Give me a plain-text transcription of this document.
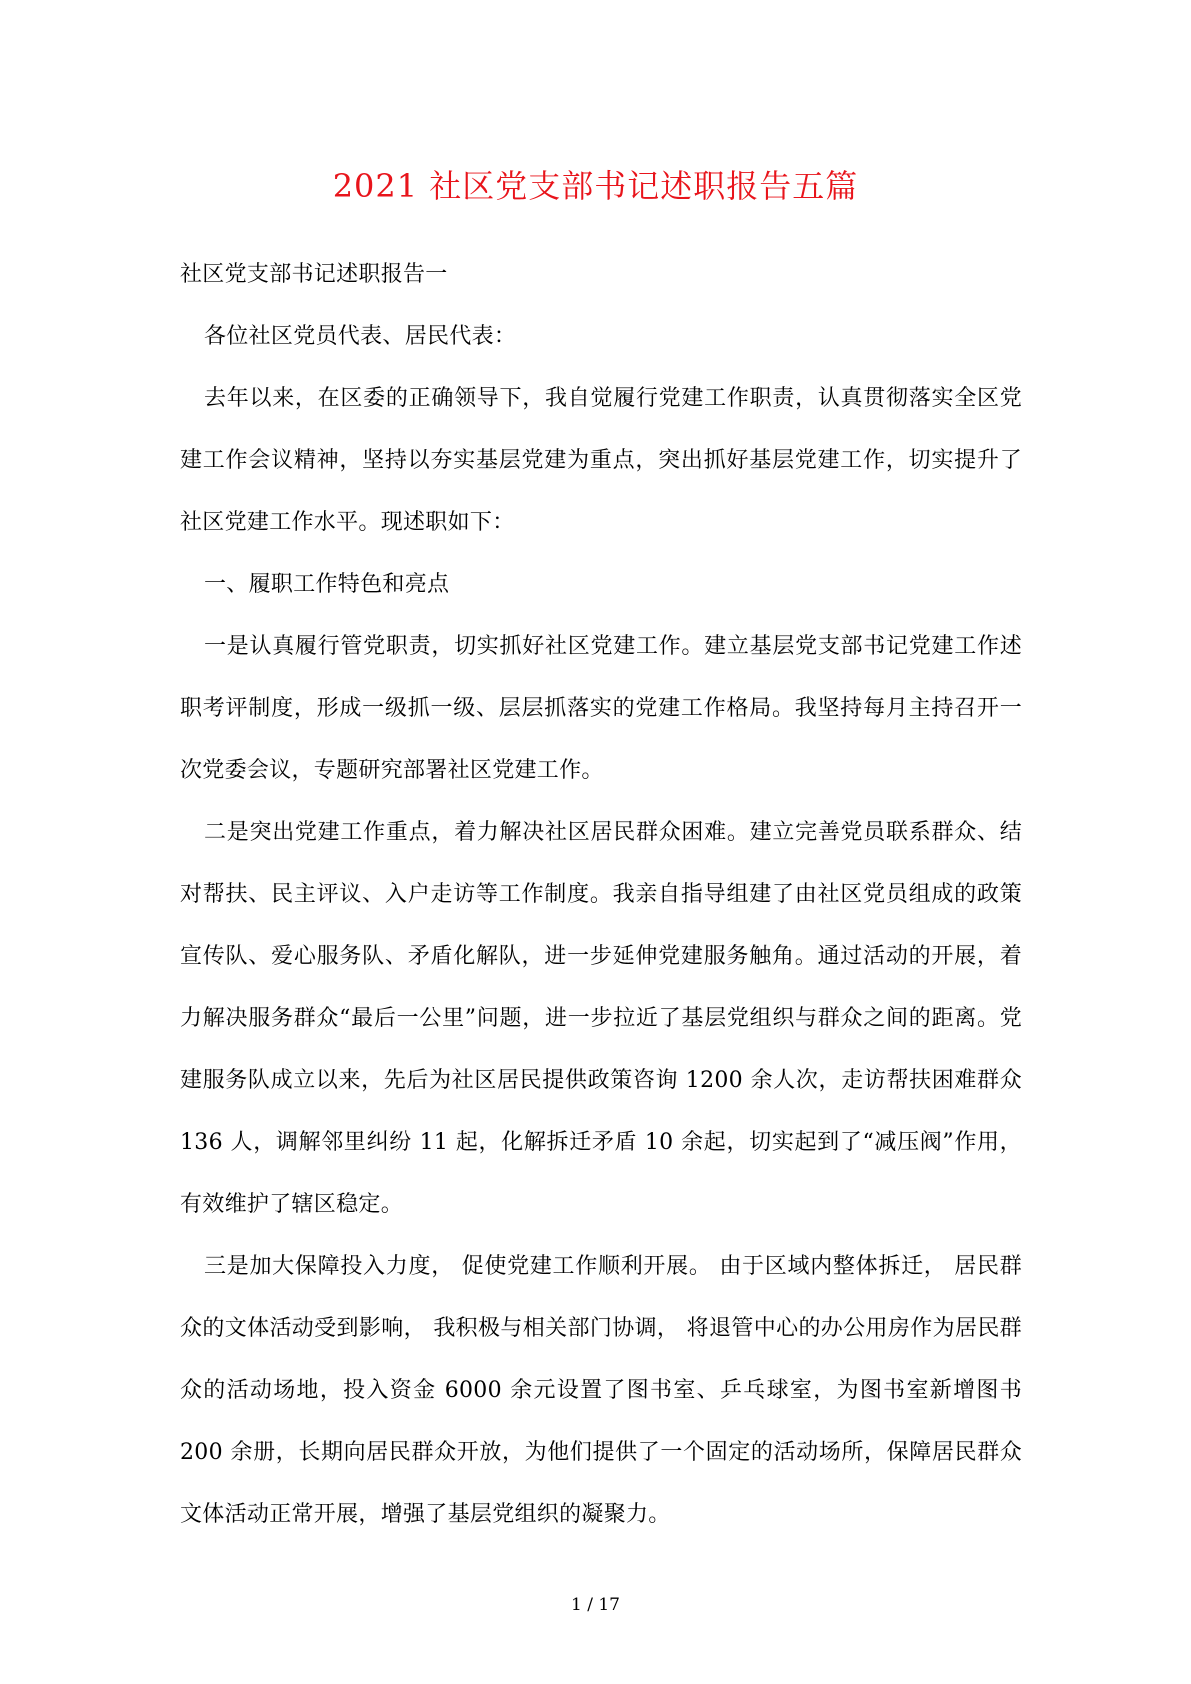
2021 社区党支部书记述职报告五篇

社区党支部书记述职报告一

各位社区党员代表、居民代表：

去年以来，在区委的正确领导下，我自觉履行党建工作职责，认真贯彻落实全区党建工作会议精神，坚持以夯实基层党建为重点，突出抓好基层党建工作，切实提升了社区党建工作水平。现述职如下：

一、履职工作特色和亮点

一是认真履行管党职责，切实抓好社区党建工作。建立基层党支部书记党建工作述职考评制度，形成一级抓一级、层层抓落实的党建工作格局。我坚持每月主持召开一次党委会议，专题研究部署社区党建工作。

二是突出党建工作重点，着力解决社区居民群众困难。建立完善党员联系群众、结对帮扶、民主评议、入户走访等工作制度。我亲自指导组建了由社区党员组成的政策宣传队、爱心服务队、矛盾化解队，进一步延伸党建服务触角。通过活动的开展，着力解决服务群众“最后一公里”问题，进一步拉近了基层党组织与群众之间的距离。党建服务队成立以来，先后为社区居民提供政策咨询 1200 余人次，走访帮扶困难群众 136 人，调解邻里纠纷 11 起，化解拆迁矛盾 10 余起，切实起到了“减压阀”作用，有效维护了辖区稳定。

三是加大保障投入力度， 促使党建工作顺利开展。 由于区域内整体拆迁， 居民群众的文体活动受到影响， 我积极与相关部门协调， 将退管中心的办公用房作为居民群众的活动场地，投入资金 6000 余元设置了图书室、乒乓球室，为图书室新增图书 200 余册，长期向居民群众开放，为他们提供了一个固定的活动场所，保障居民群众文体活动正常开展，增强了基层党组织的凝聚力。

1 / 17
